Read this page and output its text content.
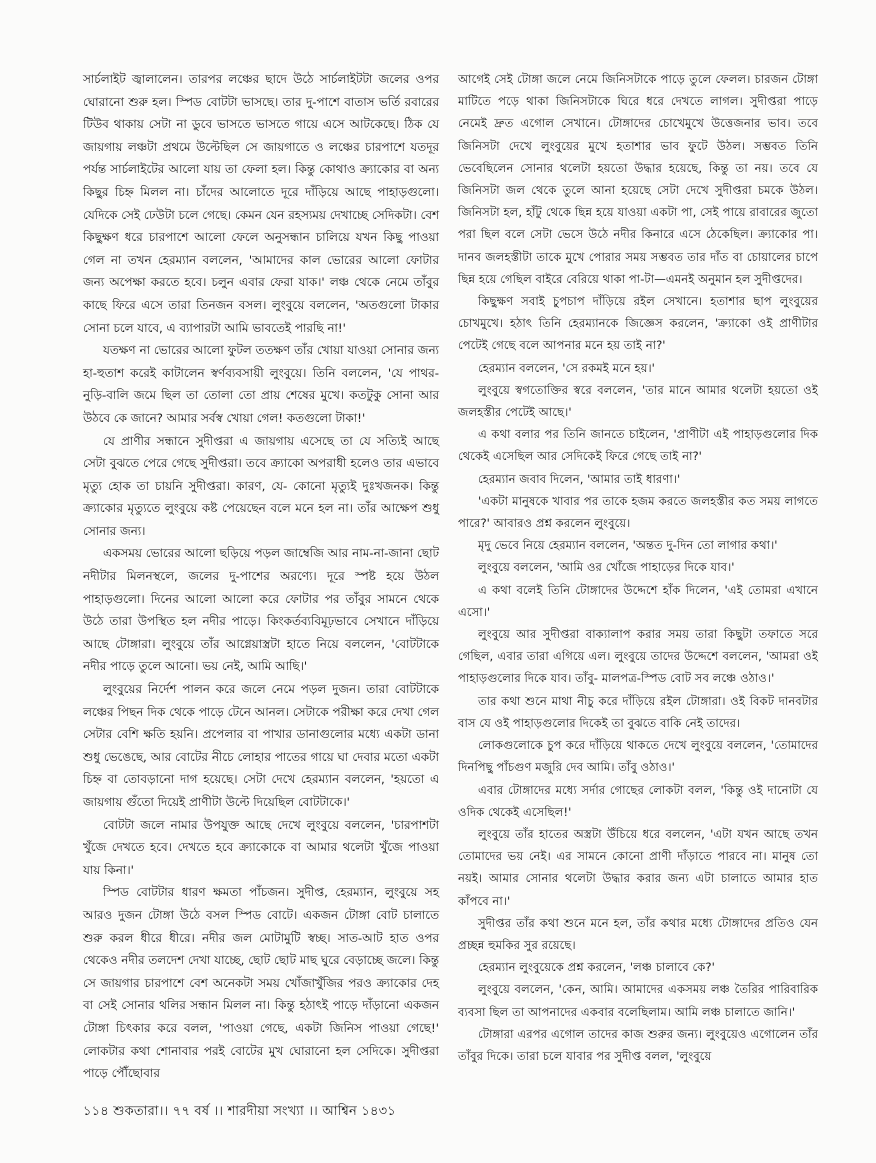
সার্চলাইট জ্বালালেন। তারপর লঞ্চের ছাদে উঠে সার্চলাইটটা জলের ওপর ঘোরানো শুরু হল। স্পিড বোটটা ভাসছে। তার দু-পাশে বাতাস ভর্তি রবারের টিউব থাকায় সেটা না ডুবে ভাসতে ভাসতে গায়ে এসে আটকেছে। ঠিক যে জায়গায় লঞ্চটা প্রথমে উল্টেছিল সে জায়গাতে ও লঞ্চের চারপাশে যতদূর পর্যন্ত সার্চলাইটের আলো যায় তা ফেলা হল। কিন্তু কোথাও ক্র্যাকোর বা অন্য কিছুর চিহ্ন মিলল না। চাঁদের আলোতে দূরে দাঁড়িয়ে আছে পাহাড়গুলো। যেদিকে সেই ঢেউটা চলে গেছে। কেমন যেন রহস্যময় দেখাচ্ছে সেদিকটা। বেশ কিছুক্ষণ ধরে চারপাশে আলো ফেলে অনুসন্ধান চালিয়ে যখন কিছু পাওয়া গেল না তখন হেরম্যান বললেন, 'আমাদের কাল ভোরের আলো ফোটার জন্য অপেক্ষা করতে হবে। চলুন এবার ফেরা যাক।' লঞ্চ থেকে নেমে তাঁবুর কাছে ফিরে এসে তারা তিনজন বসল। লুংবুয়ে বললেন, 'অতগুলো টাকার সোনা চলে যাবে, এ ব্যাপারটা আমি ভাবতেই পারছি না!'

যতক্ষণ না ভোরের আলো ফুটল ততক্ষণ তাঁর খোয়া যাওয়া সোনার জন্য হা-হুতাশ করেই কাটালেন স্বর্ণব্যবসায়ী লুংবুয়ে। তিনি বললেন, 'যে পাথর-নুড়ি-বালি জমে ছিল তা তোলা তো প্রায় শেষের মুখে। কতটুকু সোনা আর উঠবে কে জানে? আমার সর্বস্ব খোয়া গেল! কতগুলো টাকা!'

যে প্রাণীর সন্ধানে সুদীপ্তরা এ জায়গায় এসেছে তা যে সত্যিই আছে সেটা বুঝতে পেরে গেছে সুদীপ্তরা। তবে ক্র্যাকো অপরাধী হলেও তার এভাবে মৃত্যু হোক তা চায়নি সুদীপ্তরা। কারণ, যে- কোনো মৃত্যুই দুঃখজনক। কিন্তু ক্র্যাকোর মৃত্যুতে লুংবুয়ে কষ্ট পেয়েছেন বলে মনে হল না। তাঁর আক্ষেপ শুধু সোনার জন্য।

একসময় ভোরের আলো ছড়িয়ে পড়ল জাম্বেজি আর নাম-না-জানা ছোট নদীটার মিলনস্থলে, জলের দু-পাশের অরণ্যে। দূরে স্পষ্ট হয়ে উঠল পাহাড়গুলো। দিনের আলো আলো করে ফোটার পর তাঁবুর সামনে থেকে উঠে তারা উপস্থিত হল নদীর পাড়ে। কিংকর্তব্যবিমূঢ়ভাবে সেখানে দাঁড়িয়ে আছে টোঙ্গারা। লুংবুয়ে তাঁর আগ্নেয়াস্ত্রটা হাতে নিয়ে বললেন, 'বোটটাকে নদীর পাড়ে তুলে আনো। ভয় নেই, আমি আছি।'

লুংবুয়ের নির্দেশ পালন করে জলে নেমে পড়ল দুজন। তারা বোটটাকে লঞ্চের পিছন দিক থেকে পাড়ে টেনে আনল। সেটাকে পরীক্ষা করে দেখা গেল সেটার বেশি ক্ষতি হয়নি। প্রপেলার বা পাখার ডানাগুলোর মধ্যে একটা ডানা শুধু ভেঙেছে, আর বোটের নীচে লোহার পাতের গায়ে ঘা দেবার মতো একটা চিহ্ন বা তোবড়ানো দাগ হয়েছে। সেটা দেখে হেরম্যান বললেন, 'হয়তো এ জায়গায় গুঁতো দিয়েই প্রাণীটা উল্টে দিয়েছিল বোটটাকে।'

বোটটা জলে নামার উপযুক্ত আছে দেখে লুংবুয়ে বললেন, 'চারপাশটা খুঁজে দেখতে হবে। দেখতে হবে ক্র্যাকোকে বা আমার থলেটা খুঁজে পাওয়া যায় কিনা।'

স্পিড বোটটার ধারণ ক্ষমতা পাঁচজন। সুদীপ্ত, হেরম্যান, লুংবুয়ে সহ আরও দুজন টোঙ্গা উঠে বসল স্পিড বোটে। একজন টোঙ্গা বোট চালাতে শুরু করল ধীরে ধীরে। নদীর জল মোটামুটি স্বচ্ছ। সাত-আট হাত ওপর থেকেও নদীর তলদেশ দেখা যাচ্ছে, ছোট ছোট মাছ ঘুরে বেড়াচ্ছে জলে। কিন্তু সে জায়গার চারপাশে বেশ অনেকটা সময় খোঁজাখুঁজির পরও ক্র্যাকোর দেহ বা সেই সোনার থলির সন্ধান মিলল না। কিন্তু হঠাৎই পাড়ে দাঁড়ানো একজন টোঙ্গা চিৎকার করে বলল, 'পাওয়া গেছে, একটা জিনিস পাওয়া গেছে!' লোকটার কথা শোনাবার পরই বোটের মুখ ঘোরানো হল সেদিকে। সুদীপ্তরা পাড়ে পৌঁছোবার

আগেই সেই টোঙ্গা জলে নেমে জিনিসটাকে পাড়ে তুলে ফেলল। চারজন টোঙ্গা মাটিতে পড়ে থাকা জিনিসটাকে ঘিরে ধরে দেখতে লাগল। সুদীপ্তরা পাড়ে নেমেই দ্রুত এগোল সেখানে। টোঙ্গাদের চোখেমুখে উত্তেজনার ভাব। তবে জিনিসটা দেখে লুংবুয়ের মুখে হতাশার ভাব ফুটে উঠল। সম্ভবত তিনি ভেবেছিলেন সোনার থলেটা হয়তো উদ্ধার হয়েছে, কিন্তু তা নয়। তবে যে জিনিসটা জল থেকে তুলে আনা হয়েছে সেটা দেখে সুদীপ্তরা চমকে উঠল। জিনিসটা হল, হাঁটু থেকে ছিন্ন হয়ে যাওয়া একটা পা, সেই পায়ে রাবারের জুতো পরা ছিল বলে সেটা ভেসে উঠে নদীর কিনারে এসে ঠেকেছিল। ক্র্যাকোর পা। দানব জলহস্তীটা তাকে মুখে পোরার সময় সম্ভবত তার দাঁত বা চোয়ালের চাপে ছিন্ন হয়ে গেছিল বাইরে বেরিয়ে থাকা পা-টা—এমনই অনুমান হল সুদীপ্তদের।

কিছুক্ষণ সবাই চুপচাপ দাঁড়িয়ে রইল সেখানে। হতাশার ছাপ লুংবুয়ের চোখমুখে। হঠাৎ তিনি হেরম্যানকে জিজ্ঞেস করলেন, 'ক্র্যাকো ওই প্রাণীটার পেটেই গেছে বলে আপনার মনে হয় তাই না?'

হেরম্যান বললেন, 'সে রকমই মনে হয়।'

লুংবুয়ে স্বগতোক্তির স্বরে বললেন, 'তার মানে আমার থলেটা হয়তো ওই জলহস্তীর পেটেই আছে।'

এ কথা বলার পর তিনি জানতে চাইলেন, 'প্রাণীটা এই পাহাড়গুলোর দিক থেকেই এসেছিল আর সেদিকেই ফিরে গেছে তাই না?'

হেরম্যান জবাব দিলেন, 'আমার তাই ধারণা।'

'একটা মানুষকে খাবার পর তাকে হজম করতে জলহস্তীর কত সময় লাগতে পারে?' আবারও প্রশ্ন করলেন লুংবুয়ে।

মৃদু ভেবে নিয়ে হেরম্যান বললেন, 'অন্তত দু-দিন তো লাগার কথা।'

লুংবুয়ে বললেন, 'আমি ওর খোঁজে পাহাড়ের দিকে যাব।'

এ কথা বলেই তিনি টোঙ্গাদের উদ্দেশে হাঁক দিলেন, 'এই তোমরা এখানে এসো।'

লুংবুয়ে আর সুদীপ্তরা বাক্যালাপ করার সময় তারা কিছুটা তফাতে সরে গেছিল, এবার তারা এগিয়ে এল। লুংবুয়ে তাদের উদ্দেশে বললেন, 'আমরা ওই পাহাড়গুলোর দিকে যাব। তাঁবু- মালপত্র-স্পিড বোট সব লঞ্চে ওঠাও।'

তার কথা শুনে মাথা নীচু করে দাঁড়িয়ে রইল টোঙ্গারা। ওই বিকট দানবটার বাস যে ওই পাহাড়গুলোর দিকেই তা বুঝতে বাকি নেই তাদের।

লোকগুলোকে চুপ করে দাঁড়িয়ে থাকতে দেখে লুংবুয়ে বললেন, 'তোমাদের দিনপিছু পাঁচগুণ মজুরি দেব আমি। তাঁবু ওঠাও।'

এবার টোঙ্গাদের মধ্যে সর্দার গোছের লোকটা বলল, 'কিন্তু ওই দানোটা যে ওদিক থেকেই এসেছিল!'

লুংবুয়ে তাঁর হাতের অস্ত্রটা উঁচিয়ে ধরে বললেন, 'এটা যখন আছে তখন তোমাদের ভয় নেই। এর সামনে কোনো প্রাণী দাঁড়াতে পারবে না। মানুষ তো নয়ই। আমার সোনার থলেটা উদ্ধার করার জন্য এটা চালাতে আমার হাত কাঁপবে না।'

সুদীপ্তর তাঁর কথা শুনে মনে হল, তাঁর কথার মধ্যে টোঙ্গাদের প্রতিও যেন প্রচ্ছন্ন হুমকির সুর রয়েছে।

হেরম্যান লুংবুয়েকে প্রশ্ন করলেন, 'লঞ্চ চালাবে কে?'

লুংবুয়ে বললেন, 'কেন, আমি। আমাদের একসময় লঞ্চ তৈরির পারিবারিক ব্যবসা ছিল তা আপনাদের একবার বলেছিলাম। আমি লঞ্চ চালাতে জানি।'

টোঙ্গারা এরপর এগোল তাদের কাজ শুরুর জন্য। লুংবুয়েও এগোলেন তাঁর তাঁবুর দিকে। তারা চলে যাবার পর সুদীপ্ত বলল, 'লুংবুয়ে

১১৪ শুকতারা।। ৭৭ বর্ষ ।। শারদীয়া সংখ্যা ।। আশ্বিন ১৪৩১
